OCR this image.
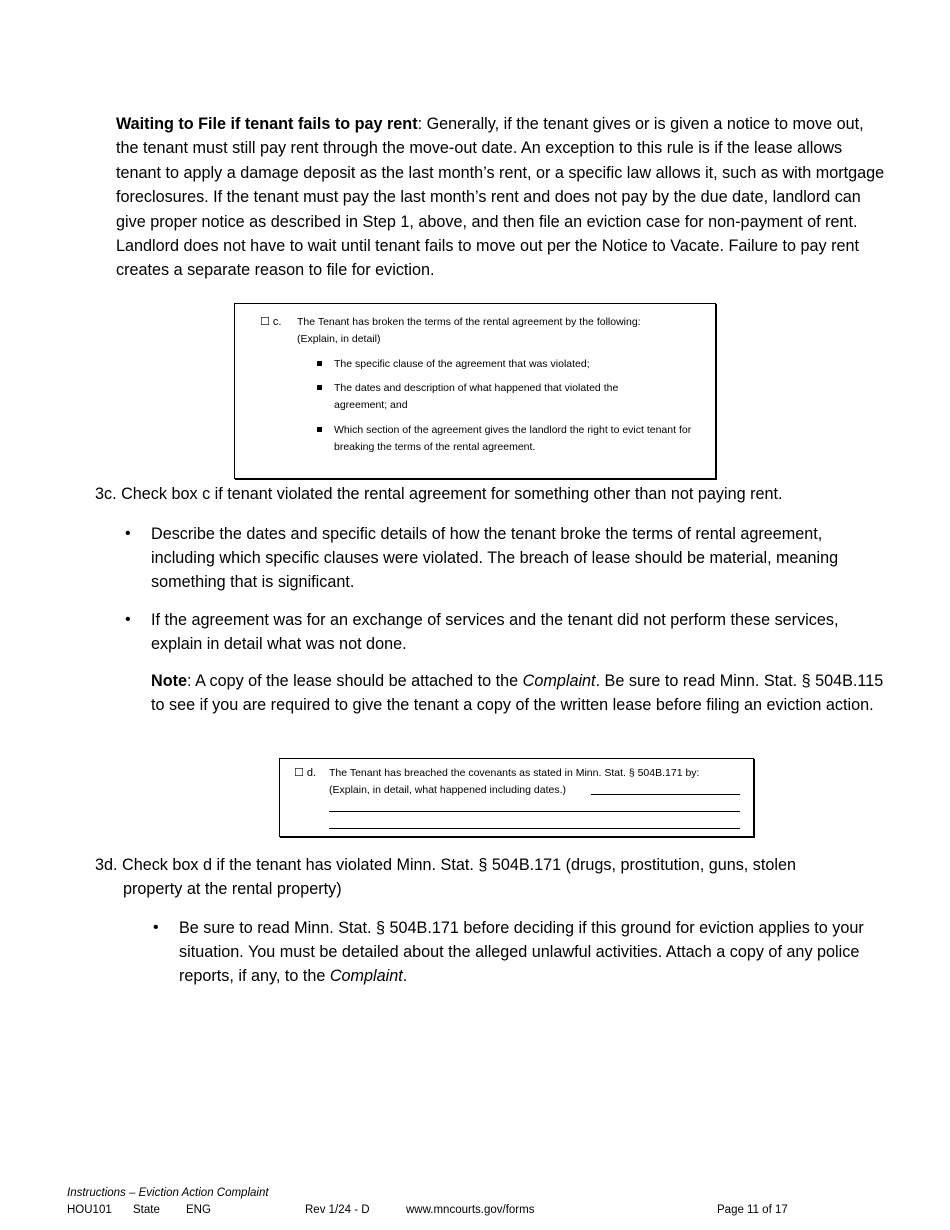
Waiting to File if tenant fails to pay rent: Generally, if the tenant gives or is given a notice to move out, the tenant must still pay rent through the move-out date. An exception to this rule is if the lease allows tenant to apply a damage deposit as the last month’s rent, or a specific law allows it, such as with mortgage foreclosures. If the tenant must pay the last month’s rent and does not pay by the due date, landlord can give proper notice as described in Step 1, above, and then file an eviction case for non-payment of rent. Landlord does not have to wait until tenant fails to move out per the Notice to Vacate. Failure to pay rent creates a separate reason to file for eviction.
☐ c. The Tenant has broken the terms of the rental agreement by the following:
(Explain, in detail)
The specific clause of the agreement that was violated;
The dates and description of what happened that violated the agreement; and
Which section of the agreement gives the landlord the right to evict tenant for breaking the terms of the rental agreement.
3c. Check box c if tenant violated the rental agreement for something other than not paying rent.
• Describe the dates and specific details of how the tenant broke the terms of rental agreement, including which specific clauses were violated. The breach of lease should be material, meaning something that is significant.
• If the agreement was for an exchange of services and the tenant did not perform these services, explain in detail what was not done.
Note: A copy of the lease should be attached to the Complaint. Be sure to read Minn. Stat. § 504B.115 to see if you are required to give the tenant a copy of the written lease before filing an eviction action.
☐ d. The Tenant has breached the covenants as stated in Minn. Stat. § 504B.171 by:
(Explain, in detail, what happened including dates.)
3d. Check box d if the tenant has violated Minn. Stat. § 504B.171 (drugs, prostitution, guns, stolen
property at the rental property)
• Be sure to read Minn. Stat. § 504B.171 before deciding if this ground for eviction applies to your situation. You must be detailed about the alleged unlawful activities. Attach a copy of any police reports, if any, to the Complaint.
Instructions – Eviction Action Complaint
HOU101 State ENG	Rev 1/24 - D	www.mncourts.gov/forms	Page 11 of 17
